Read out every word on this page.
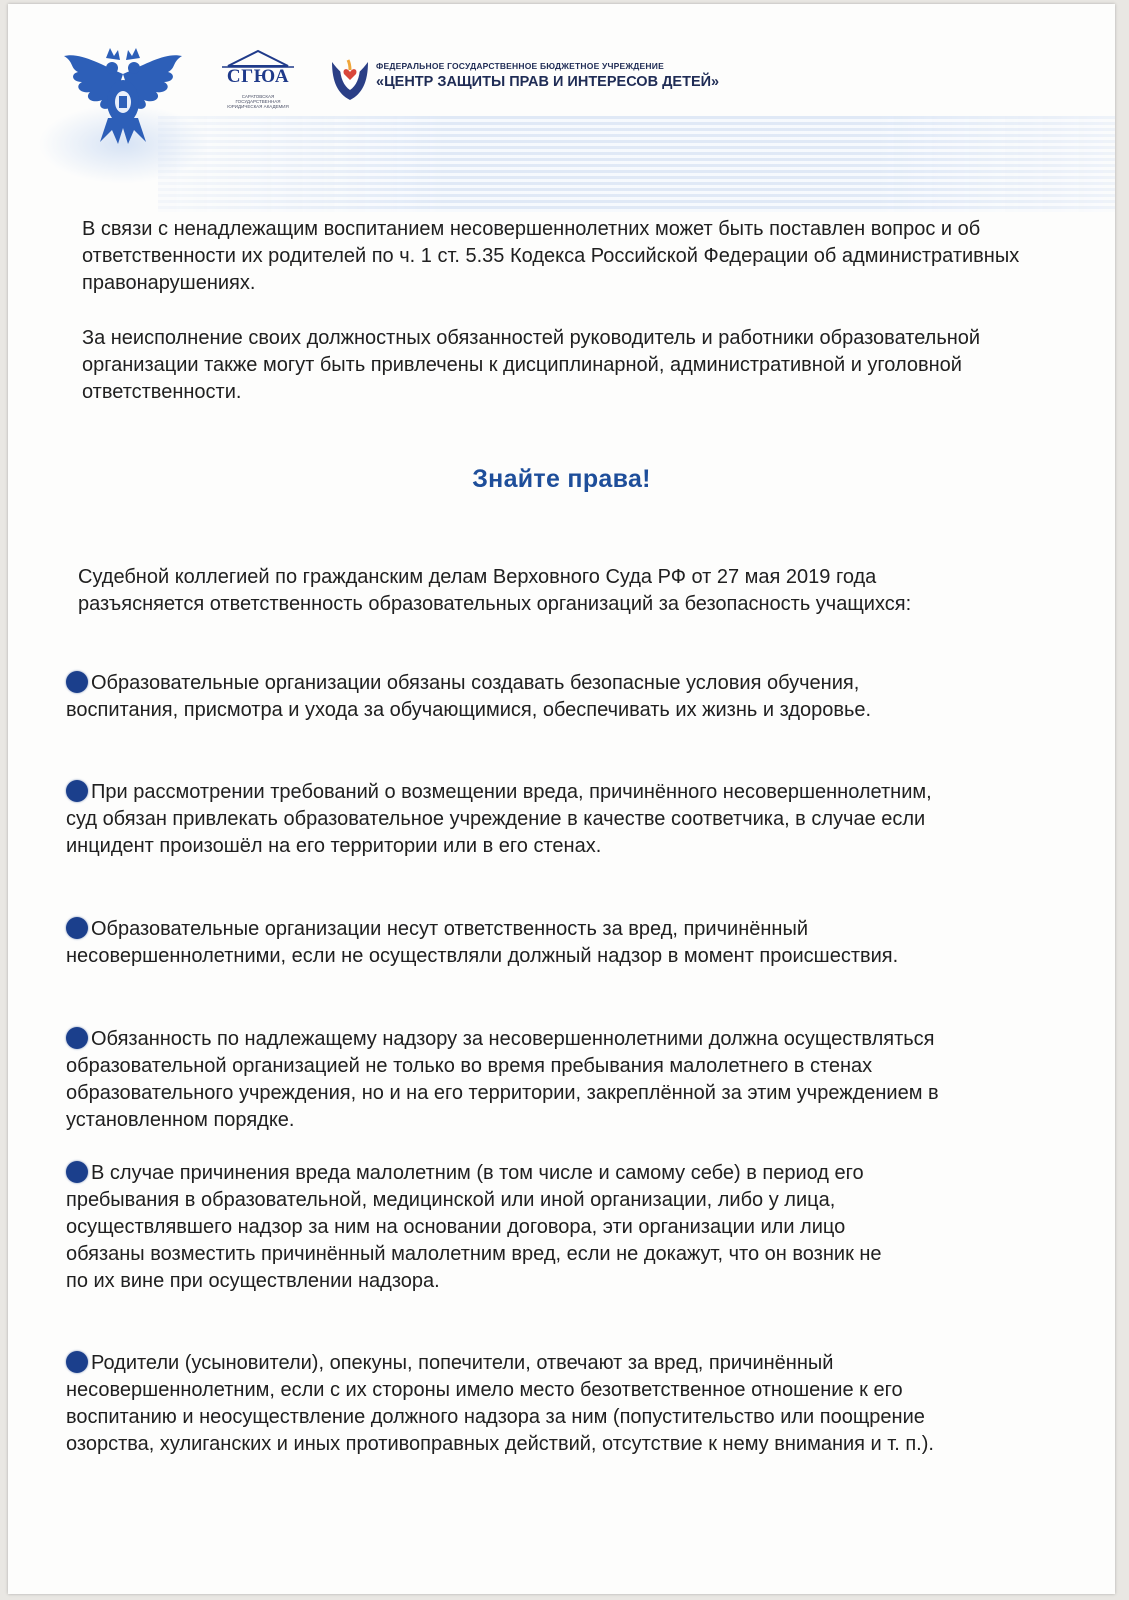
СГЮА
САРАТОВСКАЯ ГОСУДАРСТВЕННАЯ ЮРИДИЧЕСКАЯ АКАДЕМИЯ
ФЕДЕРАЛЬНОЕ ГОСУДАРСТВЕННОЕ БЮДЖЕТНОЕ УЧРЕЖДЕНИЕ
«ЦЕНТР ЗАЩИТЫ ПРАВ И ИНТЕРЕСОВ ДЕТЕЙ»

В связи с ненадлежащим воспитанием несовершеннолетних может быть поставлен вопрос и об ответственности их родителей по ч. 1 ст. 5.35 Кодекса Российской Федерации об административных правонарушениях.

За неисполнение своих должностных обязанностей руководитель и работники образовательной организации также могут быть привлечены к дисциплинарной, административной и уголовной ответственности.

Знайте права!

Судебной коллегией по гражданским делам Верховного Суда РФ от 27 мая 2019 года разъясняется ответственность образовательных организаций за безопасность учащихся:

Образовательные организации обязаны создавать безопасные условия обучения, воспитания, присмотра и ухода за обучающимися, обеспечивать их жизнь и здоровье.

При рассмотрении требований о возмещении вреда, причинённого несовершеннолетним, суд обязан привлекать образовательное учреждение в качестве соответчика, в случае если инцидент произошёл на его территории или в его стенах.

Образовательные организации несут ответственность за вред, причинённый несовершеннолетними, если не осуществляли должный надзор в момент происшествия.

Обязанность по надлежащему надзору за несовершеннолетними должна осуществляться образовательной организацией не только во время пребывания малолетнего в стенах образовательного учреждения, но и на его территории, закреплённой за этим учреждением в установленном порядке.

В случае причинения вреда малолетним (в том числе и самому себе) в период его пребывания в образовательной, медицинской или иной организации, либо у лица, осуществлявшего надзор за ним на основании договора, эти организации или лицо обязаны возместить причинённый малолетним вред, если не докажут, что он возник не по их вине при осуществлении надзора.

Родители (усыновители), опекуны, попечители, отвечают за вред, причинённый несовершеннолетним, если с их стороны имело место безответственное отношение к его воспитанию и неосуществление должного надзора за ним (попустительство или поощрение озорства, хулиганских и иных противоправных действий, отсутствие к нему внимания и т. п.).
